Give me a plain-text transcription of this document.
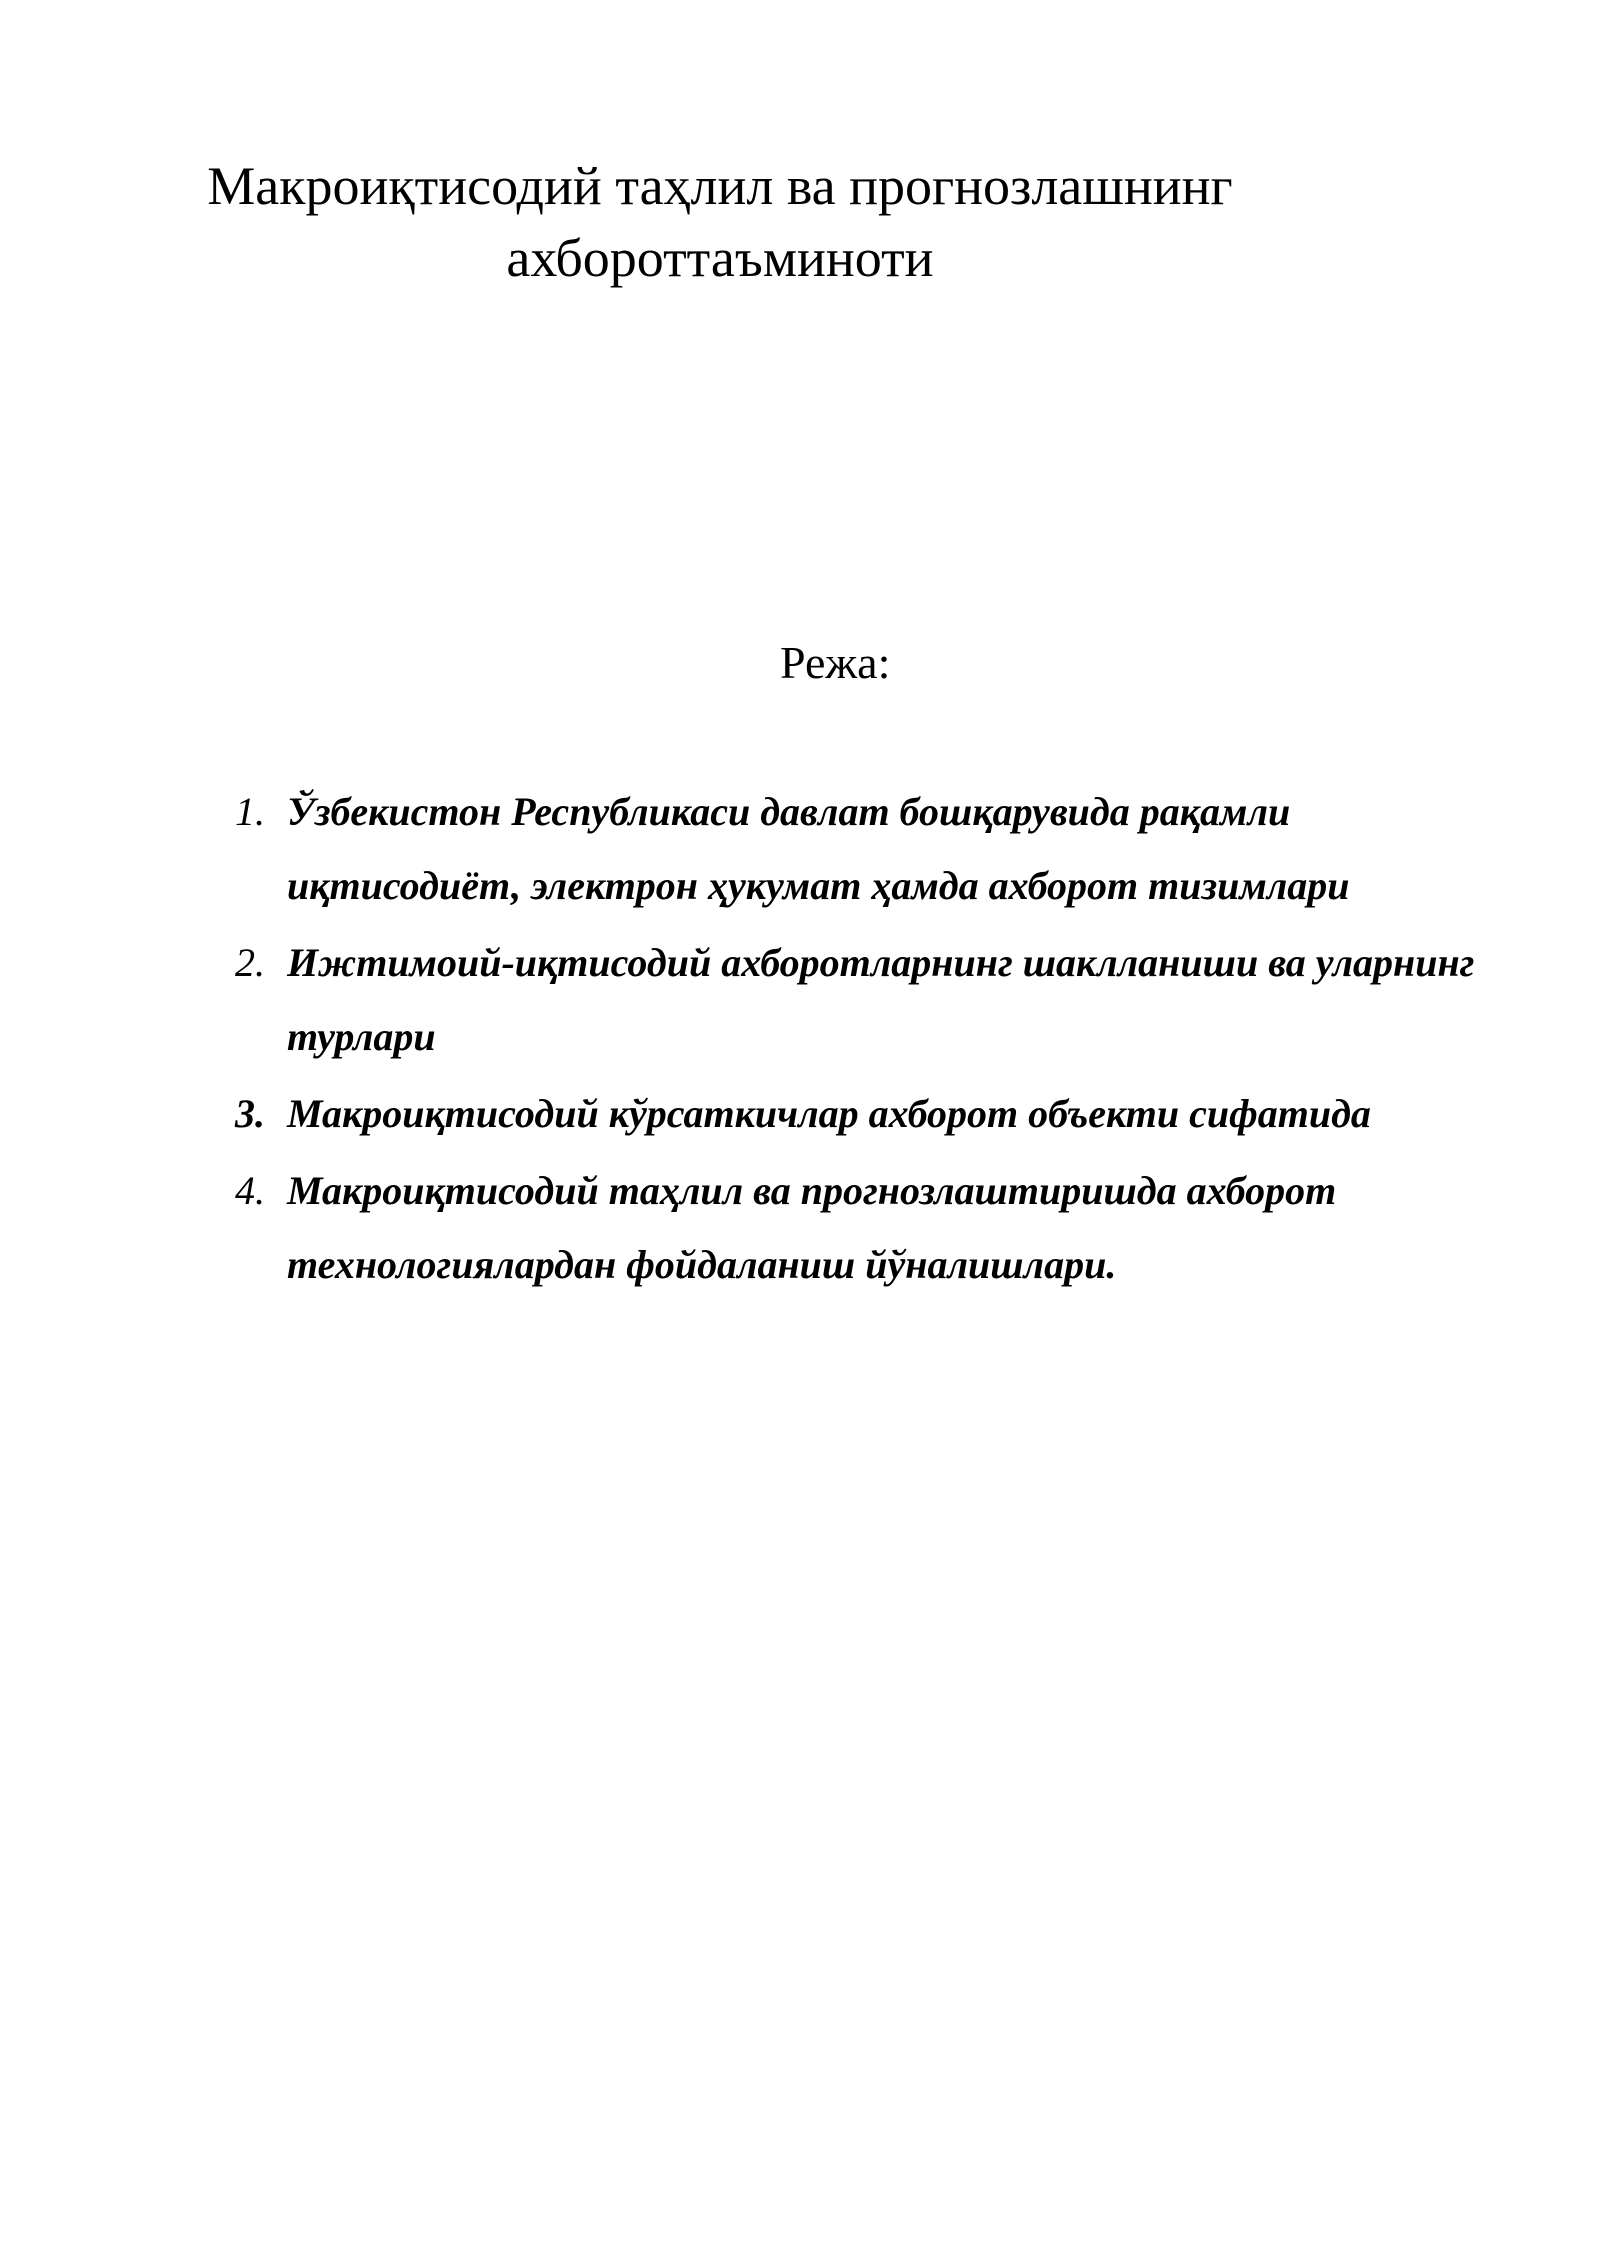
Макроиқтисодий таҳлил ва прогнозлашнинг
ахбороттаъминоти
Режа:
1. Ўзбекистон Республикаси давлат бошқарувида рақамли иқтисодиёт, электрон ҳукумат ҳамда ахборот тизимлари
2. Ижтимоий-иқтисодий ахборотларнинг шаклланиши ва уларнинг турлари
3. Макроиқтисодий кўрсаткичлар ахборот объекти сифатида
4. Макроиқтисодий таҳлил ва прогнозлаштиришда ахборот технологиялардан фойдаланиш йўналишлари.
